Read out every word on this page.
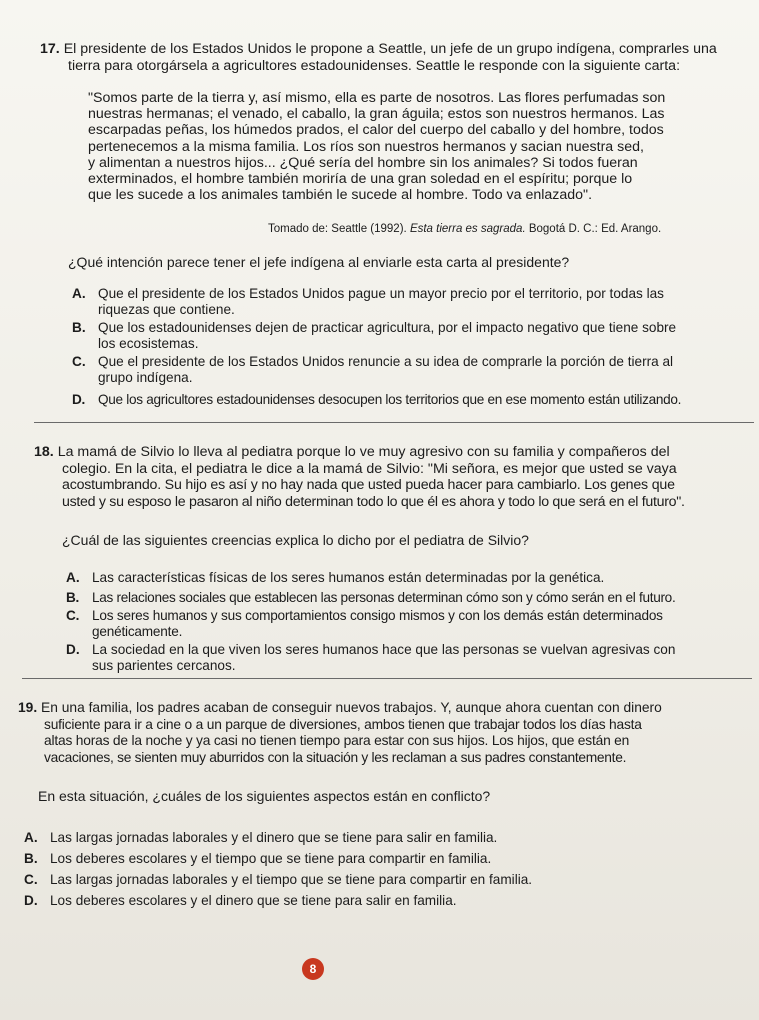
17. El presidente de los Estados Unidos le propone a Seattle, un jefe de un grupo indígena, comprarles una
tierra para otorgársela a agricultores estadounidenses. Seattle le responde con la siguiente carta:
"Somos parte de la tierra y, así mismo, ella es parte de nosotros. Las flores perfumadas son
nuestras hermanas; el venado, el caballo, la gran águila; estos son nuestros hermanos. Las
escarpadas peñas, los húmedos prados, el calor del cuerpo del caballo y del hombre, todos
pertenecemos a la misma familia. Los ríos son nuestros hermanos y sacian nuestra sed,
y alimentan a nuestros hijos... ¿Qué sería del hombre sin los animales? Si todos fueran
exterminados, el hombre también moriría de una gran soledad en el espíritu; porque lo
que les sucede a los animales también le sucede al hombre. Todo va enlazado".
Tomado de: Seattle (1992). Esta tierra es sagrada. Bogotá D. C.: Ed. Arango.
¿Qué intención parece tener el jefe indígena al enviarle esta carta al presidente?
A. Que el presidente de los Estados Unidos pague un mayor precio por el territorio, por todas las
riquezas que contiene.
B. Que los estadounidenses dejen de practicar agricultura, por el impacto negativo que tiene sobre
los ecosistemas.
C. Que el presidente de los Estados Unidos renuncie a su idea de comprarle la porción de tierra al
grupo indígena.
D. Que los agricultores estadounidenses desocupen los territorios que en ese momento están utilizando.
18. La mamá de Silvio lo lleva al pediatra porque lo ve muy agresivo con su familia y compañeros del
colegio. En la cita, el pediatra le dice a la mamá de Silvio: "Mi señora, es mejor que usted se vaya
acostumbrando. Su hijo es así y no hay nada que usted pueda hacer para cambiarlo. Los genes que
usted y su esposo le pasaron al niño determinan todo lo que él es ahora y todo lo que será en el futuro".
¿Cuál de las siguientes creencias explica lo dicho por el pediatra de Silvio?
A. Las características físicas de los seres humanos están determinadas por la genética.
B. Las relaciones sociales que establecen las personas determinan cómo son y cómo serán en el futuro.
C. Los seres humanos y sus comportamientos consigo mismos y con los demás están determinados
genéticamente.
D. La sociedad en la que viven los seres humanos hace que las personas se vuelvan agresivas con
sus parientes cercanos.
19. En una familia, los padres acaban de conseguir nuevos trabajos. Y, aunque ahora cuentan con dinero
suficiente para ir a cine o a un parque de diversiones, ambos tienen que trabajar todos los días hasta
altas horas de la noche y ya casi no tienen tiempo para estar con sus hijos. Los hijos, que están en
vacaciones, se sienten muy aburridos con la situación y les reclaman a sus padres constantemente.
En esta situación, ¿cuáles de los siguientes aspectos están en conflicto?
A. Las largas jornadas laborales y el dinero que se tiene para salir en familia.
B. Los deberes escolares y el tiempo que se tiene para compartir en familia.
C. Las largas jornadas laborales y el tiempo que se tiene para compartir en familia.
D. Los deberes escolares y el dinero que se tiene para salir en familia.
8
